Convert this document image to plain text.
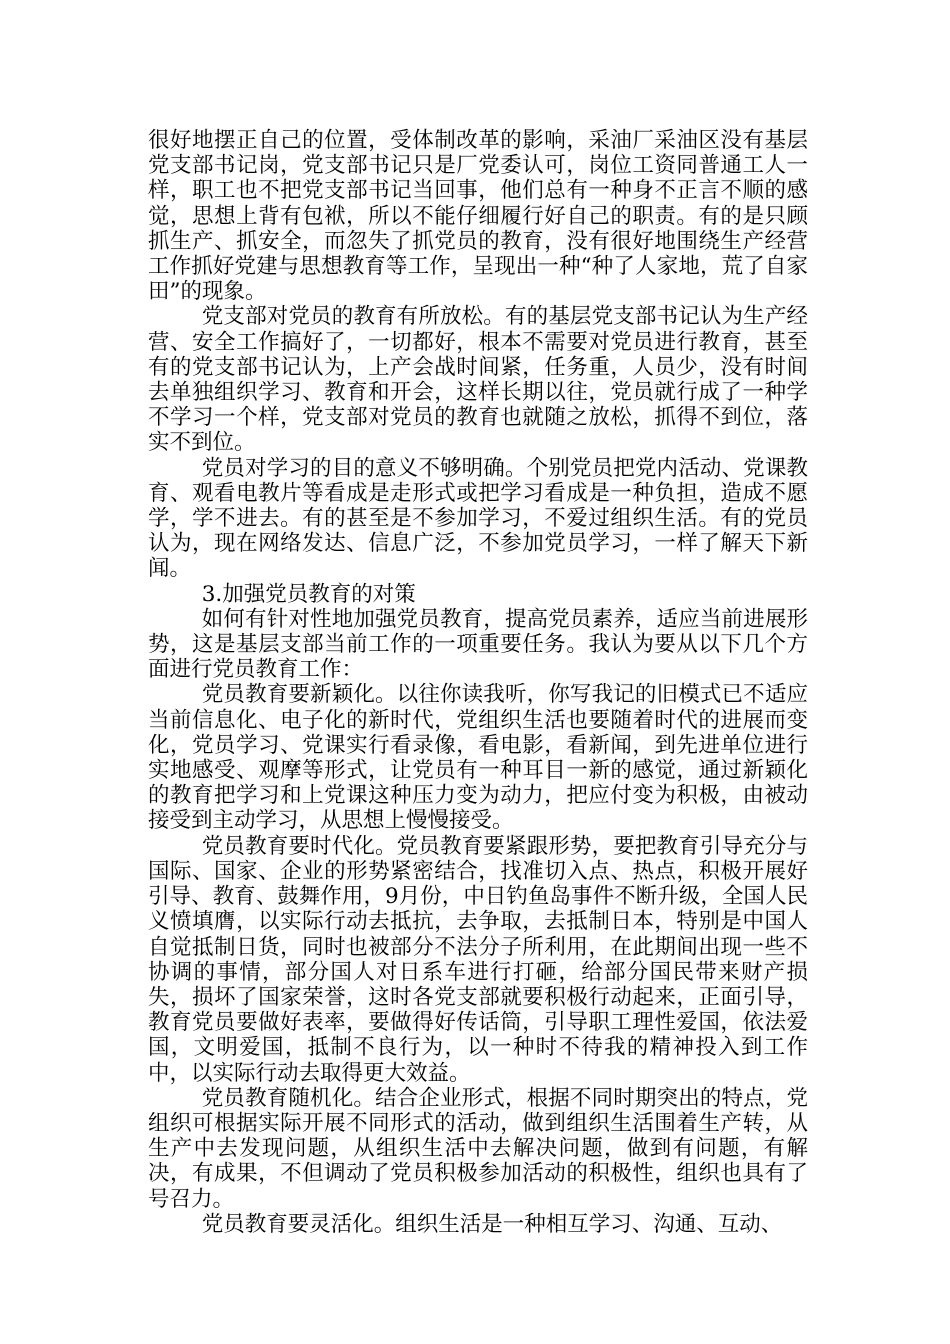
很好地摆正自己的位置，受体制改革的影响，采油厂采油区没有基层党支部书记岗，党支部书记只是厂党委认可，岗位工资同普通工人一样，职工也不把党支部书记当回事，他们总有一种身不正言不顺的感觉，思想上背有包袱，所以不能仔细履行好自己的职责。有的是只顾抓生产、抓安全，而忽失了抓党员的教育，没有很好地围绕生产经营工作抓好党建与思想教育等工作，呈现出一种“种了人家地，荒了自家田”的现象。

党支部对党员的教育有所放松。有的基层党支部书记认为生产经营、安全工作搞好了，一切都好，根本不需要对党员进行教育，甚至有的党支部书记认为，上产会战时间紧，任务重，人员少，没有时间去单独组织学习、教育和开会，这样长期以往，党员就行成了一种学不学习一个样，党支部对党员的教育也就随之放松，抓得不到位，落实不到位。

党员对学习的目的意义不够明确。个别党员把党内活动、党课教育、观看电教片等看成是走形式或把学习看成是一种负担，造成不愿学，学不进去。有的甚至是不参加学习，不爱过组织生活。有的党员认为，现在网络发达、信息广泛，不参加党员学习，一样了解天下新闻。

3.加强党员教育的对策

如何有针对性地加强党员教育，提高党员素养，适应当前进展形势，这是基层支部当前工作的一项重要任务。我认为要从以下几个方面进行党员教育工作：

党员教育要新颖化。以往你读我听，你写我记的旧模式已不适应当前信息化、电子化的新时代，党组织生活也要随着时代的进展而变化，党员学习、党课实行看录像，看电影，看新闻，到先进单位进行实地感受、观摩等形式，让党员有一种耳目一新的感觉，通过新颖化的教育把学习和上党课这种压力变为动力，把应付变为积极，由被动接受到主动学习，从思想上慢慢接受。

党员教育要时代化。党员教育要紧跟形势，要把教育引导充分与国际、国家、企业的形势紧密结合，找准切入点、热点，积极开展好引导、教育、鼓舞作用，9月份，中日钓鱼岛事件不断升级，全国人民义愤填膺，以实际行动去抵抗，去争取，去抵制日本，特别是中国人自觉抵制日货，同时也被部分不法分子所利用，在此期间出现一些不协调的事情，部分国人对日系车进行打砸，给部分国民带来财产损失，损坏了国家荣誉，这时各党支部就要积极行动起来，正面引导，教育党员要做好表率，要做得好传话筒，引导职工理性爱国，依法爱国，文明爱国，抵制不良行为，以一种时不待我的精神投入到工作中，以实际行动去取得更大效益。

党员教育随机化。结合企业形式，根据不同时期突出的特点，党组织可根据实际开展不同形式的活动，做到组织生活围着生产转，从生产中去发现问题，从组织生活中去解决问题，做到有问题，有解决，有成果，不但调动了党员积极参加活动的积极性，组织也具有了号召力。

党员教育要灵活化。组织生活是一种相互学习、沟通、互动、
